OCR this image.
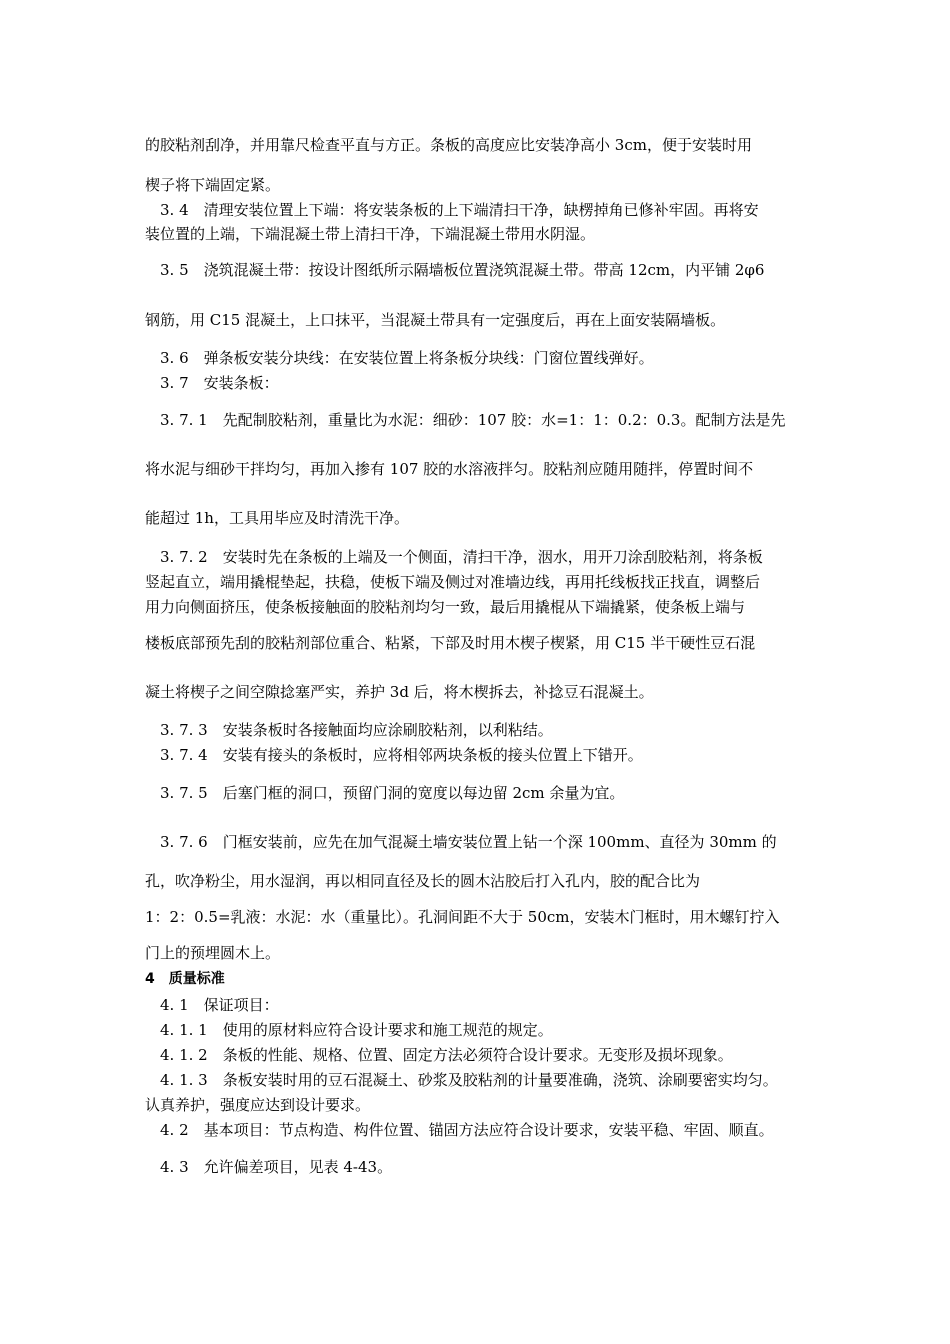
的胶粘剂刮净，并用靠尺检查平直与方正。条板的高度应比安装净高小 3cm，便于安装时用
楔子将下端固定紧。
3. 4　清理安装位置上下端：将安装条板的上下端清扫干净，缺楞掉角已修补牢固。再将安
装位置的上端，下端混凝土带上清扫干净，下端混凝土带用水阴湿。
3. 5　浇筑混凝土带：按设计图纸所示隔墙板位置浇筑混凝土带。带高 12cm，内平铺 2φ6
钢筋，用 C15 混凝土，上口抹平，当混凝土带具有一定强度后，再在上面安装隔墙板。
3. 6　弹条板安装分块线：在安装位置上将条板分块线：门窗位置线弹好。
3. 7　安装条板：
3. 7. 1　先配制胶粘剂，重量比为水泥：细砂：107 胶：水=1：1：0.2：0.3。配制方法是先
将水泥与细砂干拌均匀，再加入掺有 107 胶的水溶液拌匀。胶粘剂应随用随拌，停置时间不
能超过 1h，工具用毕应及时清洗干净。
3. 7. 2　安装时先在条板的上端及一个侧面，清扫干净，洇水，用开刀涂刮胶粘剂，将条板
竖起直立，端用撬棍垫起，扶稳，使板下端及侧过对准墙边线，再用托线板找正找直，调整后
用力向侧面挤压，使条板接触面的胶粘剂均匀一致，最后用撬棍从下端撬紧，使条板上端与
楼板底部预先刮的胶粘剂部位重合、粘紧，下部及时用木楔子楔紧，用 C15 半干硬性豆石混
凝土将楔子之间空隙捻塞严实，养护 3d 后，将木楔拆去，补捻豆石混凝土。
3. 7. 3　安装条板时各接触面均应涂刷胶粘剂，以利粘结。
3. 7. 4　安装有接头的条板时，应将相邻两块条板的接头位置上下错开。
3. 7. 5　后塞门框的洞口，预留门洞的宽度以每边留 2cm 余量为宜。
3. 7. 6　门框安装前，应先在加气混凝土墙安装位置上钻一个深 100mm、直径为 30mm 的
孔，吹净粉尘，用水湿润，再以相同直径及长的圆木沾胶后打入孔内，胶的配合比为
1：2：0.5=乳液：水泥：水（重量比）。孔洞间距不大于 50cm，安装木门框时，用木螺钉拧入
门上的预埋圆木上。
4　质量标准
4. 1　保证项目：
4. 1. 1　使用的原材料应符合设计要求和施工规范的规定。
4. 1. 2　条板的性能、规格、位置、固定方法必须符合设计要求。无变形及损坏现象。
4. 1. 3　条板安装时用的豆石混凝土、砂浆及胶粘剂的计量要准确，浇筑、涂刷要密实均匀。
认真养护，强度应达到设计要求。
4. 2　基本项目：节点构造、构件位置、锚固方法应符合设计要求，安装平稳、牢固、顺直。
4. 3　允许偏差项目，见表 4-43。
